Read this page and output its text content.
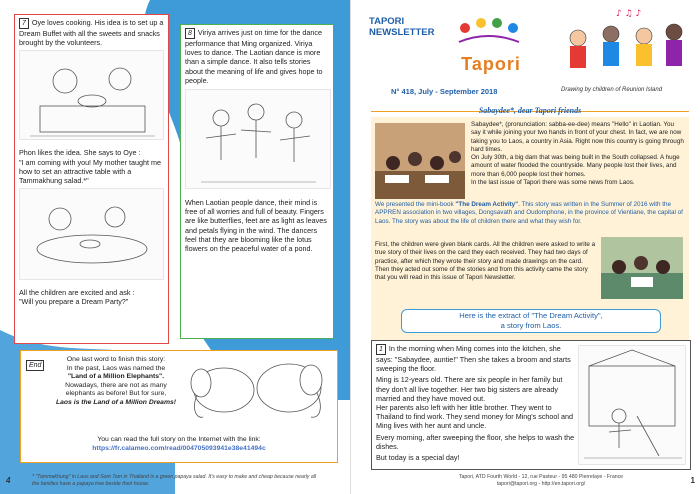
7 Oye loves cooking. His idea is to set up a Dream Buffet with all the sweets and snacks brought by the volunteers.

Phon likes the idea. She says to Oye :

"I am coming with you! My mother taught me how to set an attractive table with a Tammakhung salad.*"

All the children are excited and ask :

"Will you prepare a Dream Party?"

8 Viriya arrives just on time for the dance performance that Ming organized. Viriya loves to dance. The Laotian dance is more than a simple dance. It also tells stories about the meaning of life and gives hope to people.

When Laotian people dance, their mind is free of all worries and full of beauty. Fingers are like butterflies, feet are as light as leaves and petals flying in the wind. The dancers feel that they are blooming like the lotus flowers on the peaceful water of a pond.

End
One last word to finish this story:
In the past, Laos was named the
"Land of a Million Elephants".
Nowadays, there are not as many elephants as before! But for sure,
Laos is the Land of a Million Dreams!
You can read the full story on the Internet with the link:
https://fr.calameo.com/read/004705093941e38e41494c
4	* "Tammakhung" in Laos and Som Tam in Thailand is a green papaya salad. It's easy to make and cheap because nearly all
the families have a papaya tree beside their house.
TAPORI NEWSLETTER
Tapori
♪ ♫ ♪
N° 418, July - September 2018	Drawing by children of Reunion Island
Sabaydee*, dear Tapori friends

Sabaydee*, (pronunciation: sabba-ee-dee) means "Hello" in Laotian. You say it while joining your two hands in front of your chest. In fact, we are now taking you to Laos, a country in Asia. Right now this country is going through hard times.

On July 30th, a big dam that was being built in the South collapsed. A huge amount of water flooded the countryside. Many people lost their lives, and more than 6,000 people lost their homes.

In the last issue of Tapori there was some news from Laos.

We presented the mini-book "The Dream Activity". This story was written in the Summer of 2016 with the APPREN association in two villages, Dongsavath and Oudomphone, in the province of Vientiane, the capital of Laos. The story was about the life of children there and what they wish for.

First, the children were given blank cards. All the children were asked to write a true story of their lives on the card they each received. They had two days of practice, after which they wrote their story and made drawings on the card. Then they acted out some of the stories and from this activity came the story that you will read in this issue of Tapori Newsletter.

Here is the extract of "The Dream Activity",
a story from Laos.

1 In the morning when Ming comes into the kitchen, she says: "Sabaydee, auntie!" Then she takes a broom and starts sweeping the floor.

Ming is 12-years old. There are six people in her family but they don't all live together. Her two big sisters are already married and they have moved out.

Her parents also left with her little brother. They went to Thailand to find work. They send money for Ming's school and Ming lives with her aunt and uncle.

Every morning, after sweeping the floor, she helps to wash the dishes.

But today is a special day!

Tapori, ATD Fourth World - 12, rue Pasteur - 95 480 Pierrelaye - France
tapori@tapori.org - http://en.tapori.org/	1
